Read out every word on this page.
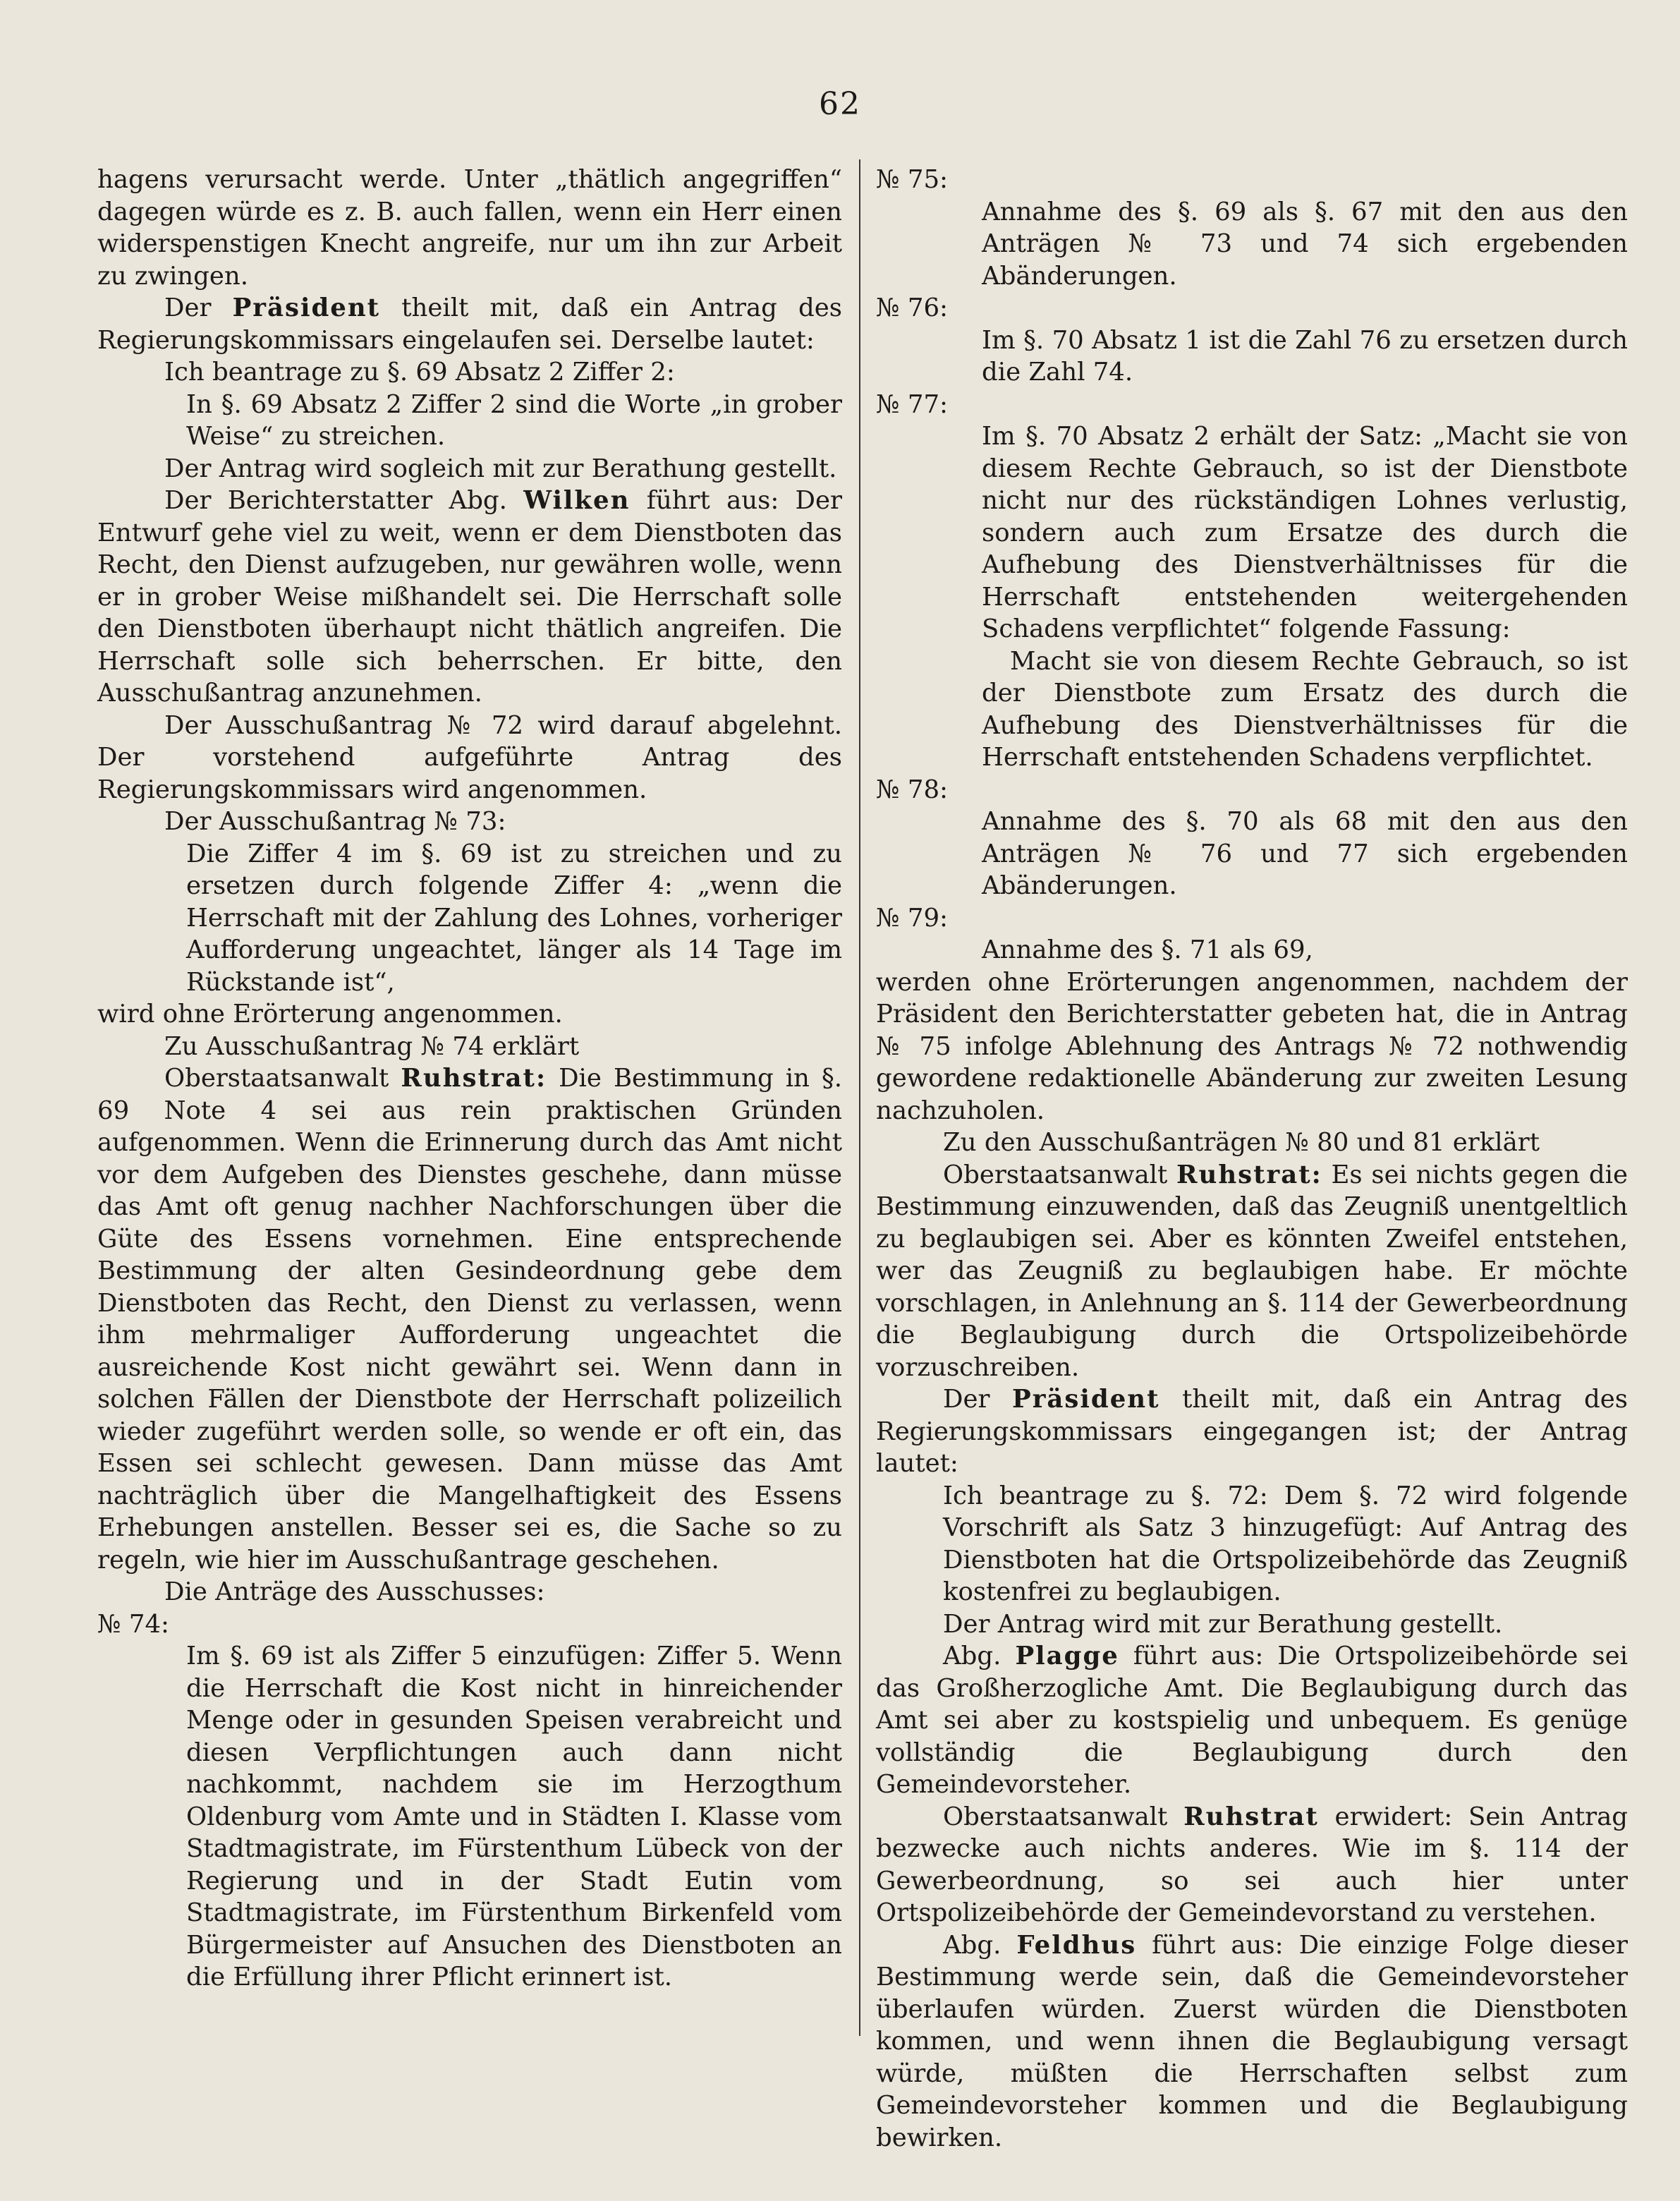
62

hagens verursacht werde. Unter „thätlich angegriffen“ dagegen würde es z. B. auch fallen, wenn ein Herr einen widerspenstigen Knecht angreife, nur um ihn zur Arbeit zu zwingen.

Der Präsident theilt mit, daß ein Antrag des Regierungskommissars eingelaufen sei. Derselbe lautet:

Ich beantrage zu §. 69 Absatz 2 Ziffer 2:

In §. 69 Absatz 2 Ziffer 2 sind die Worte „in grober Weise“ zu streichen.

Der Antrag wird sogleich mit zur Berathung gestellt.

Der Berichterstatter Abg. Wilken führt aus: Der Entwurf gehe viel zu weit, wenn er dem Dienstboten das Recht, den Dienst aufzugeben, nur gewähren wolle, wenn er in grober Weise mißhandelt sei. Die Herrschaft solle den Dienstboten überhaupt nicht thätlich angreifen. Die Herrschaft solle sich beherrschen. Er bitte, den Ausschußantrag anzunehmen.

Der Ausschußantrag № 72 wird darauf abgelehnt. Der vorstehend aufgeführte Antrag des Regierungskommissars wird angenommen.

Der Ausschußantrag № 73:

Die Ziffer 4 im §. 69 ist zu streichen und zu ersetzen durch folgende Ziffer 4: „wenn die Herrschaft mit der Zahlung des Lohnes, vorheriger Aufforderung ungeachtet, länger als 14 Tage im Rückstande ist“,

wird ohne Erörterung angenommen.

Zu Ausschußantrag № 74 erklärt

Oberstaatsanwalt Ruhstrat: Die Bestimmung in §. 69 Note 4 sei aus rein praktischen Gründen aufgenommen. Wenn die Erinnerung durch das Amt nicht vor dem Aufgeben des Dienstes geschehe, dann müsse das Amt oft genug nachher Nachforschungen über die Güte des Essens vornehmen. Eine entsprechende Bestimmung der alten Gesindeordnung gebe dem Dienstboten das Recht, den Dienst zu verlassen, wenn ihm mehrmaliger Aufforderung ungeachtet die ausreichende Kost nicht gewährt sei. Wenn dann in solchen Fällen der Dienstbote der Herrschaft polizeilich wieder zugeführt werden solle, so wende er oft ein, das Essen sei schlecht gewesen. Dann müsse das Amt nachträglich über die Mangelhaftigkeit des Essens Erhebungen anstellen. Besser sei es, die Sache so zu regeln, wie hier im Ausschußantrage geschehen.

Die Anträge des Ausschusses:

№ 74:

Im §. 69 ist als Ziffer 5 einzufügen: Ziffer 5. Wenn die Herrschaft die Kost nicht in hinreichender Menge oder in gesunden Speisen verabreicht und diesen Verpflichtungen auch dann nicht nachkommt, nachdem sie im Herzogthum Oldenburg vom Amte und in Städten I. Klasse vom Stadtmagistrate, im Fürstenthum Lübeck von der Regierung und in der Stadt Eutin vom Stadtmagistrate, im Fürstenthum Birkenfeld vom Bürgermeister auf Ansuchen des Dienstboten an die Erfüllung ihrer Pflicht erinnert ist.

№ 75:

Annahme des §. 69 als §. 67 mit den aus den Anträgen № 73 und 74 sich ergebenden Abänderungen.

№ 76:

Im §. 70 Absatz 1 ist die Zahl 76 zu ersetzen durch die Zahl 74.

№ 77:

Im §. 70 Absatz 2 erhält der Satz: „Macht sie von diesem Rechte Gebrauch, so ist der Dienstbote nicht nur des rückständigen Lohnes verlustig, sondern auch zum Ersatze des durch die Aufhebung des Dienstverhältnisses für die Herrschaft entstehenden weitergehenden Schadens verpflichtet“ folgende Fassung:

Macht sie von diesem Rechte Gebrauch, so ist der Dienstbote zum Ersatz des durch die Aufhebung des Dienstverhältnisses für die Herrschaft entstehenden Schadens verpflichtet.

№ 78:

Annahme des §. 70 als 68 mit den aus den Anträgen № 76 und 77 sich ergebenden Abänderungen.

№ 79:

Annahme des §. 71 als 69,

werden ohne Erörterungen angenommen, nachdem der Präsident den Berichterstatter gebeten hat, die in Antrag № 75 infolge Ablehnung des Antrags № 72 nothwendig gewordene redaktionelle Abänderung zur zweiten Lesung nachzuholen.

Zu den Ausschußanträgen № 80 und 81 erklärt

Oberstaatsanwalt Ruhstrat: Es sei nichts gegen die Bestimmung einzuwenden, daß das Zeugniß unentgeltlich zu beglaubigen sei. Aber es könnten Zweifel entstehen, wer das Zeugniß zu beglaubigen habe. Er möchte vorschlagen, in Anlehnung an §. 114 der Gewerbeordnung die Beglaubigung durch die Ortspolizeibehörde vorzuschreiben.

Der Präsident theilt mit, daß ein Antrag des Regierungskommissars eingegangen ist; der Antrag lautet:

Ich beantrage zu §. 72: Dem §. 72 wird folgende Vorschrift als Satz 3 hinzugefügt: Auf Antrag des Dienstboten hat die Ortspolizeibehörde das Zeugniß kostenfrei zu beglaubigen.

Der Antrag wird mit zur Berathung gestellt.

Abg. Plagge führt aus: Die Ortspolizeibehörde sei das Großherzogliche Amt. Die Beglaubigung durch das Amt sei aber zu kostspielig und unbequem. Es genüge vollständig die Beglaubigung durch den Gemeindevorsteher.

Oberstaatsanwalt Ruhstrat erwidert: Sein Antrag bezwecke auch nichts anderes. Wie im §. 114 der Gewerbeordnung, so sei auch hier unter Ortspolizeibehörde der Gemeindevorstand zu verstehen.

Abg. Feldhus führt aus: Die einzige Folge dieser Bestimmung werde sein, daß die Gemeindevorsteher überlaufen würden. Zuerst würden die Dienstboten kommen, und wenn ihnen die Beglaubigung versagt würde, müßten die Herrschaften selbst zum Gemeindevorsteher kommen und die Beglaubigung bewirken.
